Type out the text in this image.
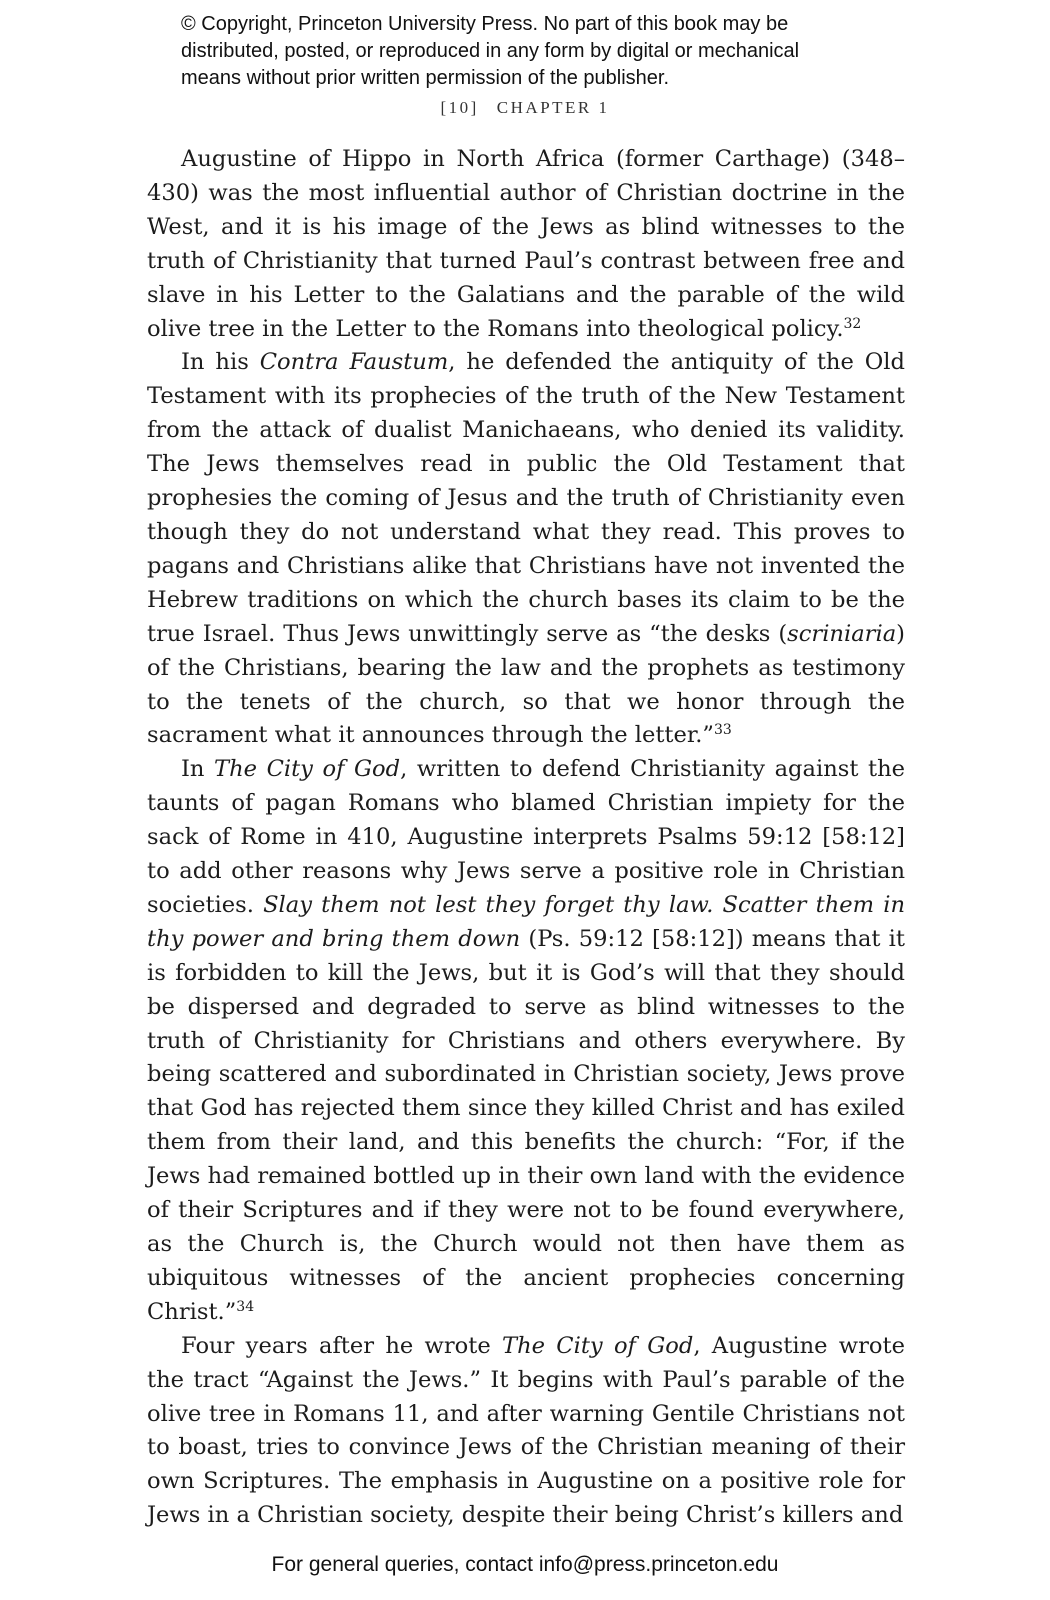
© Copyright, Princeton University Press. No part of this book may be
distributed, posted, or reproduced in any form by digital or mechanical
means without prior written permission of the publisher.
[10] CHAPTER 1

Augustine of Hippo in North Africa (former Carthage) (348–430) was the most influential author of Christian doctrine in the West, and it is his image of the Jews as blind witnesses to the truth of Christianity that turned Paul’s contrast between free and slave in his Letter to the Galatians and the parable of the wild olive tree in the Letter to the Romans into theological policy.$^{32}$

In his Contra Faustum, he defended the antiquity of the Old Testament with its prophecies of the truth of the New Testament from the attack of dualist Manichaeans, who denied its validity. The Jews themselves read in public the Old Testament that prophesies the coming of Jesus and the truth of Christianity even though they do not understand what they read. This proves to pagans and Christians alike that Christians have not invented the Hebrew traditions on which the church bases its claim to be the true Israel. Thus Jews unwittingly serve as “the desks (scriniaria) of the Christians, bearing the law and the prophets as testimony to the tenets of the church, so that we honor through the sacrament what it announces through the letter.”$^{33}$

In The City of God, written to defend Christianity against the taunts of pagan Romans who blamed Christian impiety for the sack of Rome in 410, Augustine interprets Psalms 59:12 [58:12] to add other reasons why Jews serve a positive role in Christian societies. Slay them not lest they forget thy law. Scatter them in thy power and bring them down (Ps. 59:12 [58:12]) means that it is forbidden to kill the Jews, but it is God’s will that they should be dispersed and degraded to serve as blind witnesses to the truth of Christianity for Christians and others everywhere. By being scattered and subordinated in Christian society, Jews prove that God has rejected them since they killed Christ and has exiled them from their land, and this benefits the church: “For, if the Jews had remained bottled up in their own land with the evidence of their Scriptures and if they were not to be found everywhere, as the Church is, the Church would not then have them as ubiquitous witnesses of the ancient prophecies concerning Christ.”$^{34}$

Four years after he wrote The City of God, Augustine wrote the tract “Against the Jews.” It begins with Paul’s parable of the olive tree in Romans 11, and after warning Gentile Christians not to boast, tries to convince Jews of the Christian meaning of their own Scriptures. The emphasis in Augustine on a positive role for Jews in a Christian society, despite their being Christ’s killers and

For general queries, contact info@press.princeton.edu
